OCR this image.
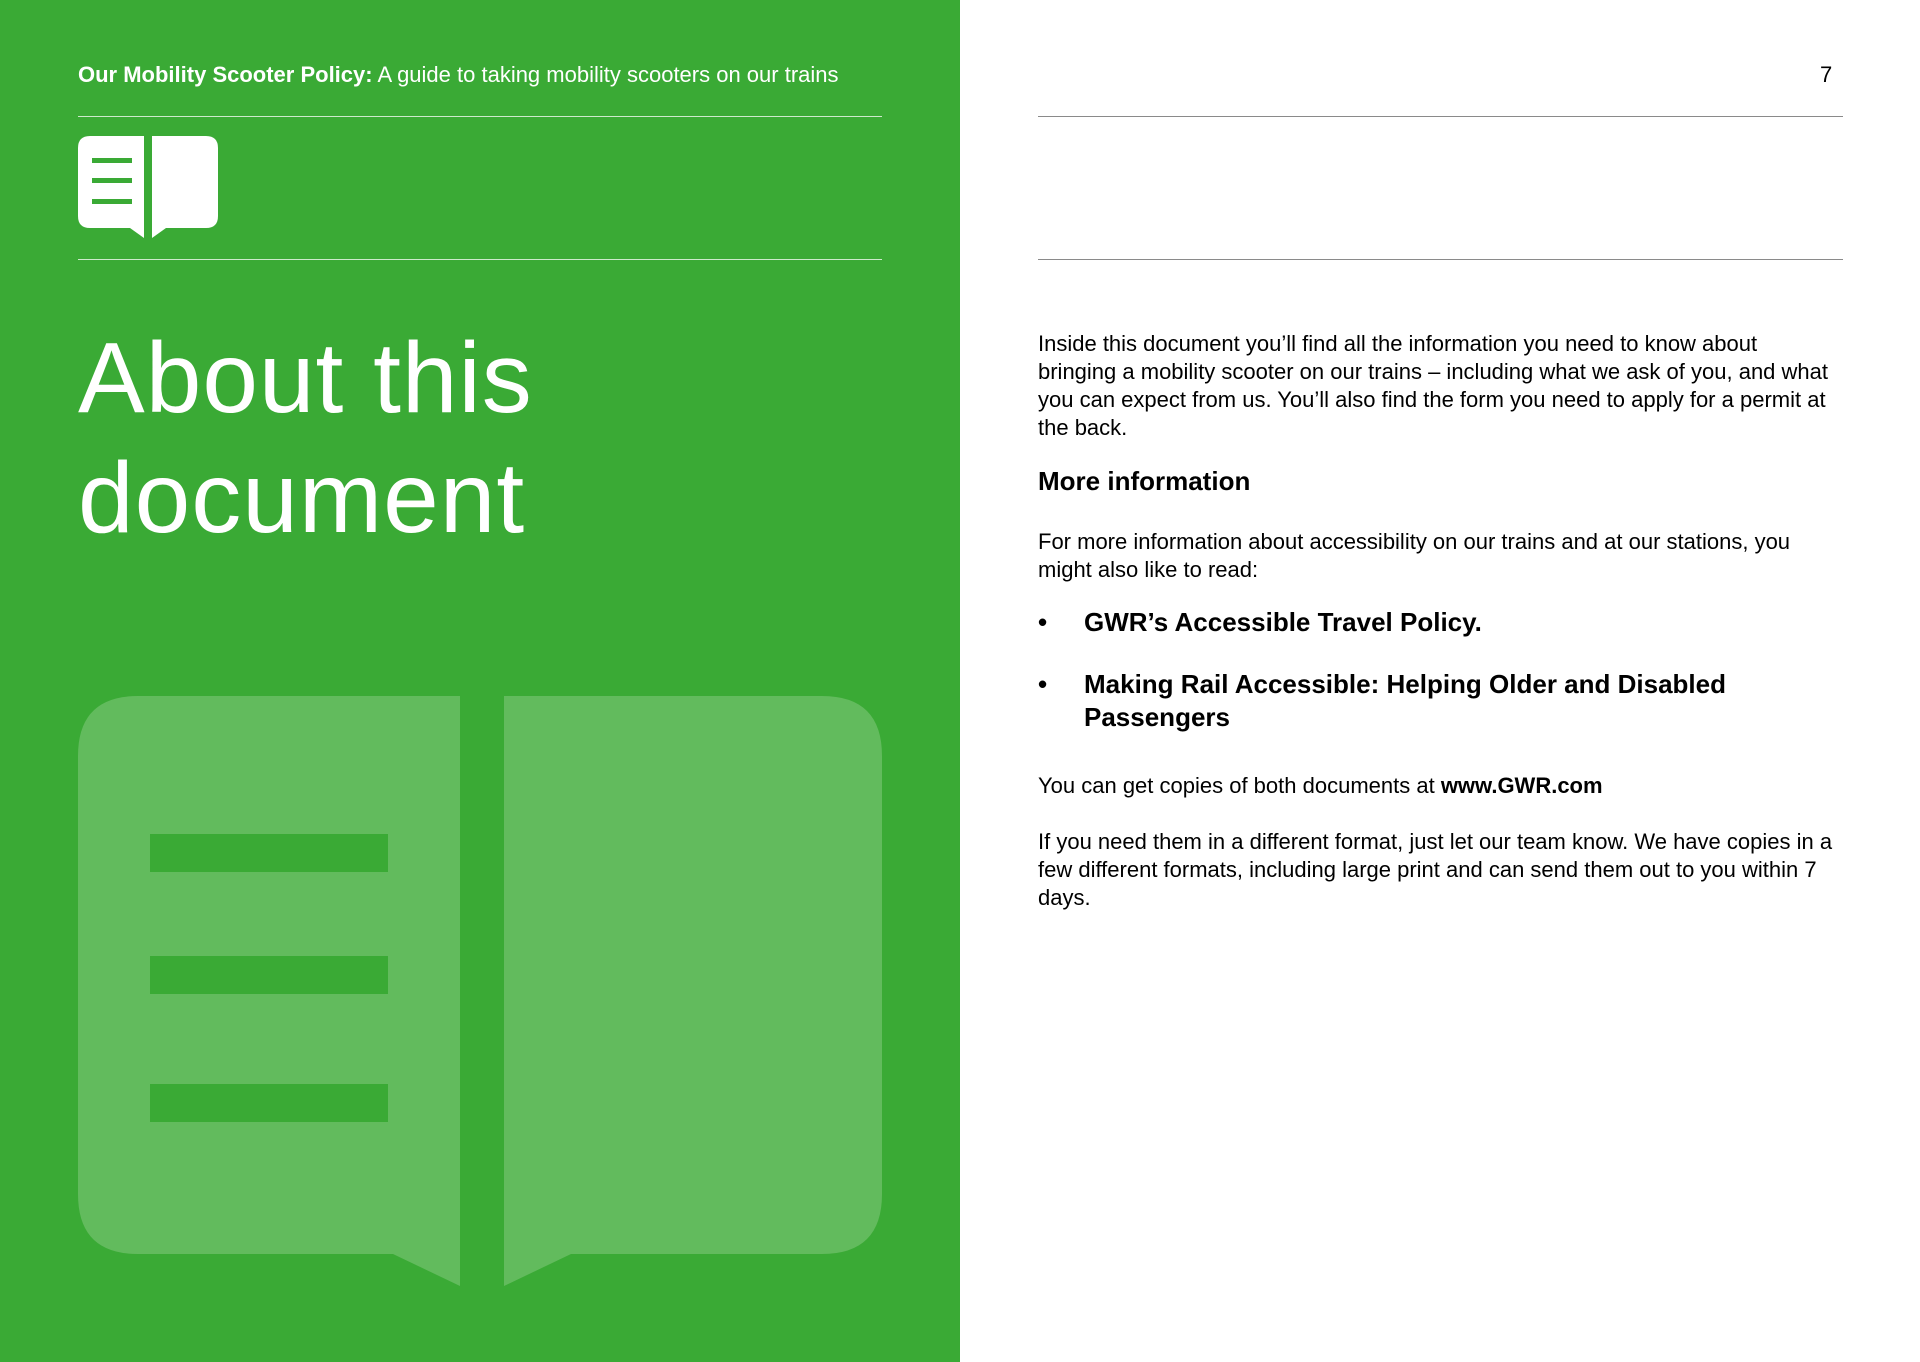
Our Mobility Scooter Policy: A guide to taking mobility scooters on our trains
About this
document
7

Inside this document you’ll find all the information you need to know about bringing a mobility scooter on our trains – including what we ask of you, and what you can expect from us. You’ll also find the form you need to apply for a permit at the back.

More information

For more information about accessibility on our trains and at our stations, you might also like to read:

• GWR’s Accessible Travel Policy.
• Making Rail Accessible: Helping Older and Disabled Passengers

You can get copies of both documents at www.GWR.com

If you need them in a different format, just let our team know. We have copies in a few different formats, including large print and can send them out to you within 7 days.
